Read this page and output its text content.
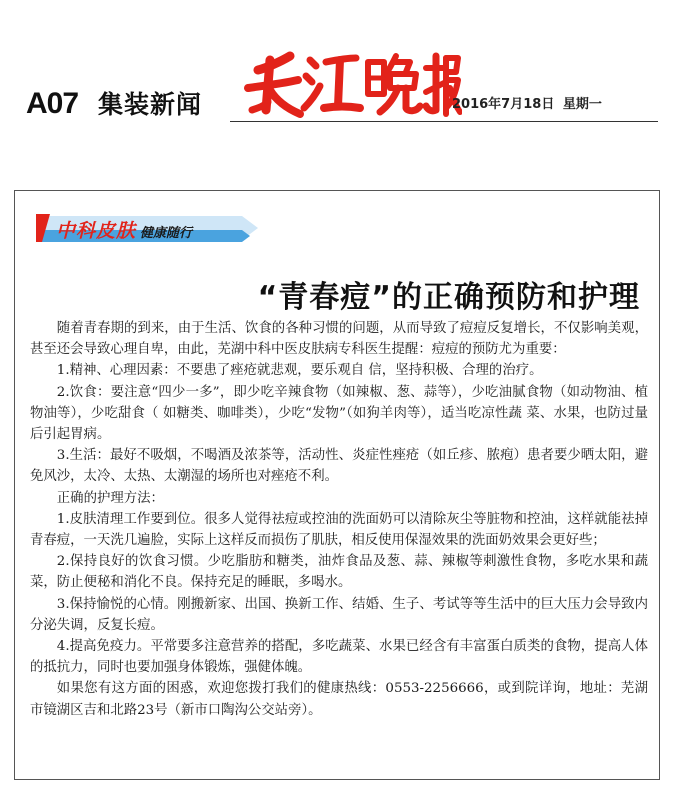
A07 集装新闻	2016年7月18日 星期一
中科皮肤 健康随行
“青春痘”的正确预防和护理

随着青春期的到来，由于生活、饮食的各种习惯的问题，从而导致了痘痘反复增长，不仅影响美观，甚至还会导致心理自卑，由此，芜湖中科中医皮肤病专科医生提醒：痘痘的预防尤为重要：

1.精神、心理因素：不要患了痤疮就悲观，要乐观自 信，坚持积极、合理的治疗。

2.饮食：要注意“四少一多”，即少吃辛辣食物（如辣椒、葱、蒜等），少吃油腻食物（如动物油、植物油等），少吃甜食（ 如糖类、咖啡类），少吃“发物”（如狗羊肉等），适当吃凉性蔬 菜、水果，也防过量后引起胃病。

3.生活：最好不吸烟，不喝酒及浓茶等，活动性、炎症性痤疮（如丘疹、脓疱）患者要少晒太阳，避免风沙，太冷、太热、太潮湿的场所也对痤疮不利。

正确的护理方法：

1.皮肤清理工作要到位。很多人觉得祛痘或控油的洗面奶可以清除灰尘等脏物和控油，这样就能祛掉青春痘，一天洗几遍脸，实际上这样反而损伤了肌肤，相反使用保湿效果的洗面奶效果会更好些；

2.保持良好的饮食习惯。少吃脂肪和糖类，油炸食品及葱、蒜、辣椒等刺激性食物，多吃水果和蔬菜，防止便秘和消化不良。保持充足的睡眠，多喝水。

3.保持愉悦的心情。刚搬新家、出国、换新工作、结婚、生子、考试等等生活中的巨大压力会导致内分泌失调，反复长痘。

4.提高免疫力。平常要多注意营养的搭配，多吃蔬菜、水果已经含有丰富蛋白质类的食物，提高人体的抵抗力，同时也要加强身体锻炼，强健体魄。

如果您有这方面的困惑，欢迎您拨打我们的健康热线：0553-2256666，或到院详询，地址：芜湖市镜湖区吉和北路23号（新市口陶沟公交站旁）。
